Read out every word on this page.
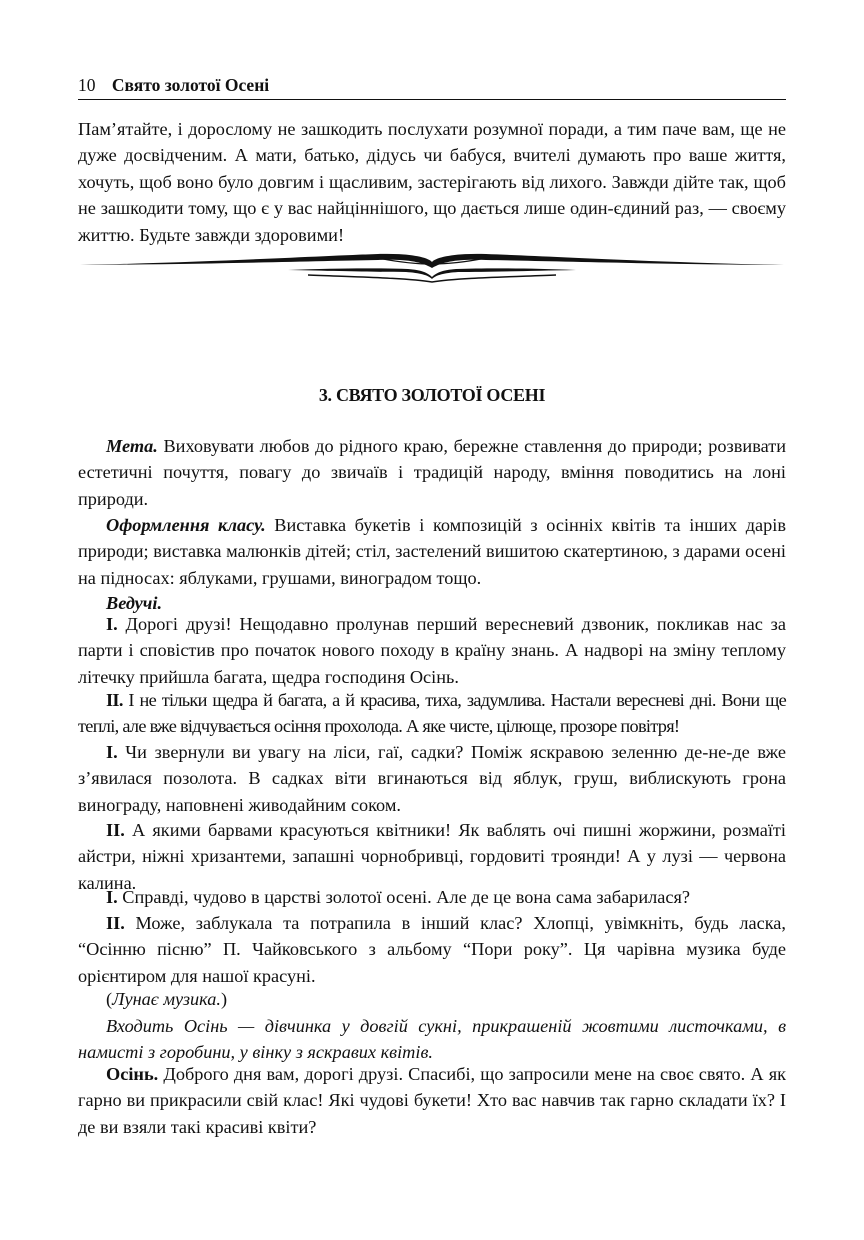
10 Свято золотої Осені

Пам’ятайте, і дорослому не зашкодить послухати розумної поради, а тим паче вам, ще не дуже досвідченим. А мати, батько, дідусь чи бабуся, вчителі думають про ваше життя, хочуть, щоб воно було довгим і щасливим, застерігають від лихого. Завжди дійте так, щоб не зашкодити тому, що є у вас найціннішого, що дається лише один-єдиний раз, — своєму життю. Будьте завжди здоровими!

3. СВЯТО ЗОЛОТОЇ ОСЕНІ

Мета. Виховувати любов до рідного краю, бережне ставлення до природи; розвивати естетичні почуття, повагу до звичаїв і традицій народу, вміння поводитись на лоні природи.

Оформлення класу. Виставка букетів і композицій з осінніх квітів та інших дарів природи; виставка малюнків дітей; стіл, застелений вишитою скатертиною, з дарами осені на підносах: яблуками, грушами, виноградом тощо.

Ведучі.

I. Дорогі друзі! Нещодавно пролунав перший вересневий дзвоник, покликав нас за парти і сповістив про початок нового походу в країну знань. А надворі на зміну теплому літечку прийшла багата, щедра господиня Осінь.

II. І не тільки щедра й багата, а й красива, тиха, задумлива. Настали вересневі дні. Вони ще теплі, але вже відчувається осіння прохолода. А яке чисте, цілюще, прозоре повітря!

I. Чи звернули ви увагу на ліси, гаї, садки? Поміж яскравою зеленню де-не-де вже з’явилася позолота. В садках віти вгинаються від яблук, груш, виблискують грона винограду, наповнені живодайним соком.

II. А якими барвами красуються квітники! Як ваблять очі пишні жоржини, розмаїті айстри, ніжні хризантеми, запашні чорнобривці, гордовиті троянди! А у лузі — червона калина.

I. Справді, чудово в царстві золотої осені. Але де це вона сама забарилася?

II. Може, заблукала та потрапила в інший клас? Хлопці, увімкніть, будь ласка, “Осінню пісню” П. Чайковського з альбому “Пори року”. Ця чарівна музика буде орієнтиром для нашої красуні.

(Лунає музика.)

Входить Осінь — дівчинка у довгій сукні, прикрашеній жовтими листочками, в намисті з горобини, у вінку з яскравих квітів.

Осінь. Доброго дня вам, дорогі друзі. Спасибі, що запросили мене на своє свято. А як гарно ви прикрасили свій клас! Які чудові букети! Хто вас навчив так гарно складати їх? І де ви взяли такі красиві квіти?
